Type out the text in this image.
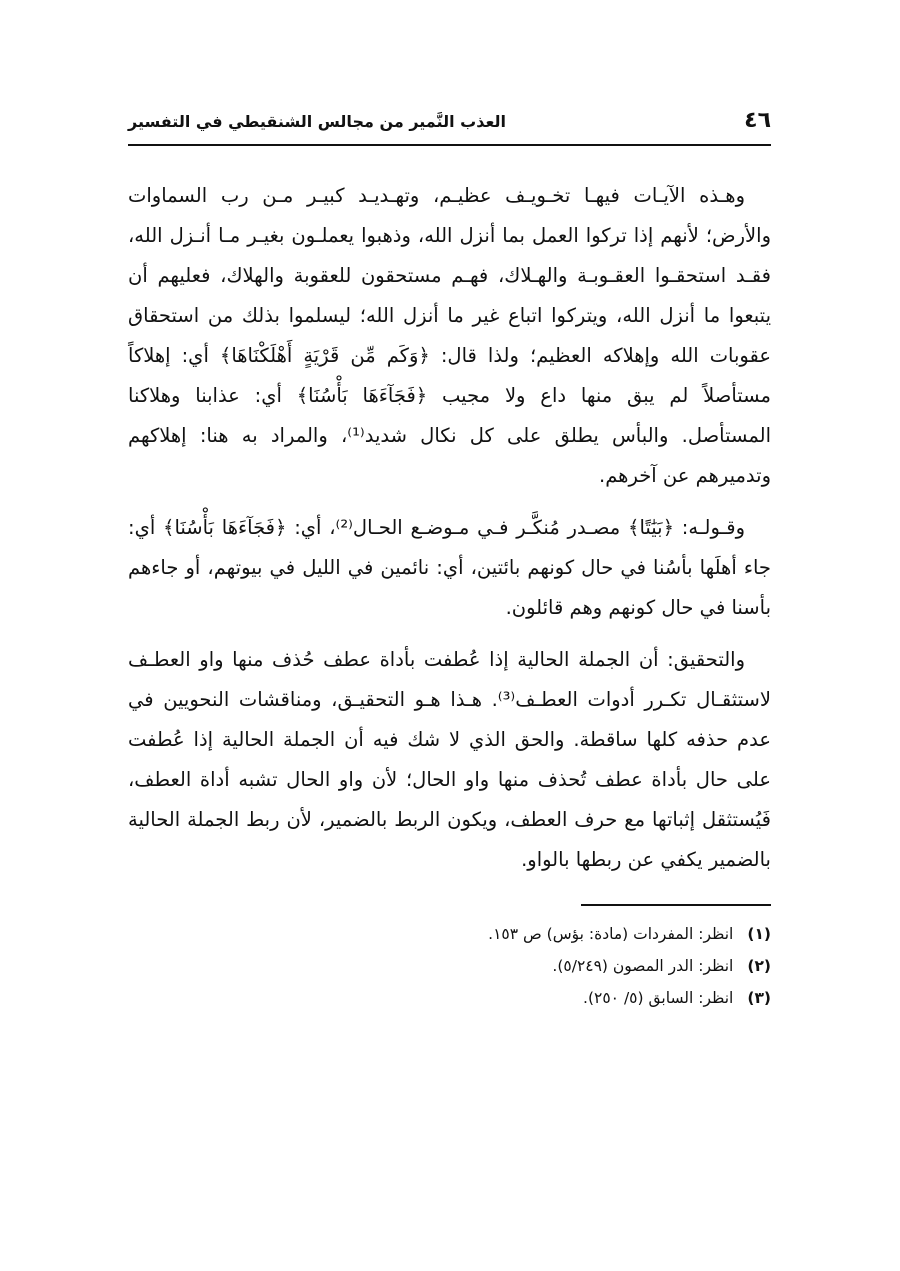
٤٦
العذب النَّمير من مجالس الشنقيطي في التفسير

وهـذه الآيـات فيهـا تخـويـف عظيـم، وتهـديـد كبيـر مـن رب السماوات والأرض؛ لأنهم إذا تركوا العمل بما أنزل الله، وذهبوا يعملـون بغيـر مـا أنـزل الله، فقـد استحقـوا العقـوبـة والهـلاك، فهـم مستحقون للعقوبة والهلاك، فعليهم أن يتبعوا ما أنزل الله، ويتركوا اتباع غير ما أنزل الله؛ ليسلموا بذلك من استحقاق عقوبات الله وإهلاكه العظيم؛ ولذا قال: ﴿وَكَم مِّن قَرْيَةٍ أَهْلَكْنَاهَا﴾ أي: إهلاكاً مستأصلاً لم يبق منها داع ولا مجيب ﴿فَجَآءَهَا بَأْسُنَا﴾ أي: عذابنا وهلاكنا المستأصل. والبأس يطلق على كل نكال شديد⁽¹⁾، والمراد به هنا: إهلاكهم وتدميرهم عن آخرهم.

وقـولـه: ﴿بَيَٰتًا﴾ مصـدر مُنكَّـر فـي مـوضـع الحـال⁽²⁾، أي: ﴿فَجَآءَهَا بَأْسُنَا﴾ أي: جاء أهلَها بأسُنا في حال كونهم بائتين، أي: نائمين في الليل في بيوتهم، أو جاءهم بأسنا في حال كونهم وهم قائلون.

والتحقيق: أن الجملة الحالية إذا عُطفت بأداة عطف حُذف منها واو العطـف لاستثقـال تكـرر أدوات العطـف⁽³⁾. هـذا هـو التحقيـق، ومناقشات النحويين في عدم حذفه كلها ساقطة. والحق الذي لا شك فيه أن الجملة الحالية إذا عُطفت على حال بأداة عطف تُحذف منها واو الحال؛ لأن واو الحال تشبه أداة العطف، فَيُستثقل إثباتها مع حرف العطف، ويكون الربط بالضمير، لأن ربط الجملة الحالية بالضمير يكفي عن ربطها بالواو.

(١)
انظر: المفردات (مادة: بؤس) ص ١٥٣.
(٢)
انظر: الدر المصون (٥/٢٤٩).
(٣)
انظر: السابق (٥/ ٢٥٠).
